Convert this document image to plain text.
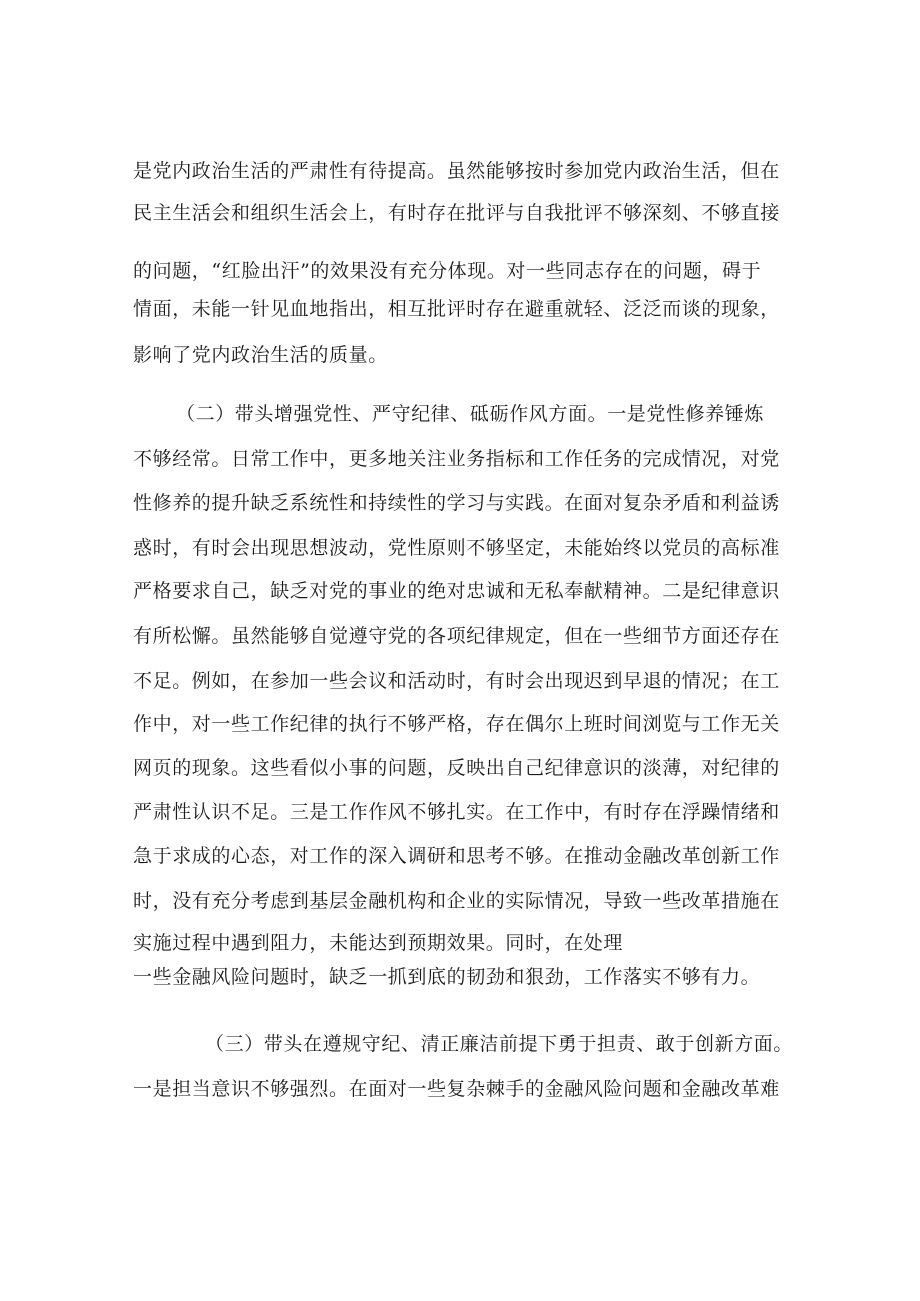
是党内政治生活的严肃性有待提高。虽然能够按时参加党内政治生活，但在
民主生活会和组织生活会上，有时存在批评与自我批评不够深刻、不够直接
的问题，“红脸出汗”的效果没有充分体现。对一些同志存在的问题，碍于
情面，未能一针见血地指出，相互批评时存在避重就轻、泛泛而谈的现象，
影响了党内政治生活的质量。
（二）带头增强党性、严守纪律、砥砺作风方面。一是党性修养锤炼
不够经常。日常工作中，更多地关注业务指标和工作任务的完成情况，对党
性修养的提升缺乏系统性和持续性的学习与实践。在面对复杂矛盾和利益诱
惑时，有时会出现思想波动，党性原则不够坚定，未能始终以党员的高标准
严格要求自己，缺乏对党的事业的绝对忠诚和无私奉献精神。二是纪律意识
有所松懈。虽然能够自觉遵守党的各项纪律规定，但在一些细节方面还存在
不足。例如，在参加一些会议和活动时，有时会出现迟到早退的情况；在工
作中，对一些工作纪律的执行不够严格，存在偶尔上班时间浏览与工作无关
网页的现象。这些看似小事的问题，反映出自己纪律意识的淡薄，对纪律的
严肃性认识不足。三是工作作风不够扎实。在工作中，有时存在浮躁情绪和
急于求成的心态，对工作的深入调研和思考不够。在推动金融改革创新工作
时，没有充分考虑到基层金融机构和企业的实际情况，导致一些改革措施在
实施过程中遇到阻力，未能达到预期效果。同时，在处理
一些金融风险问题时，缺乏一抓到底的韧劲和狠劲，工作落实不够有力。
（三）带头在遵规守纪、清正廉洁前提下勇于担责、敢于创新方面。
一是担当意识不够强烈。在面对一些复杂棘手的金融风险问题和金融改革难
